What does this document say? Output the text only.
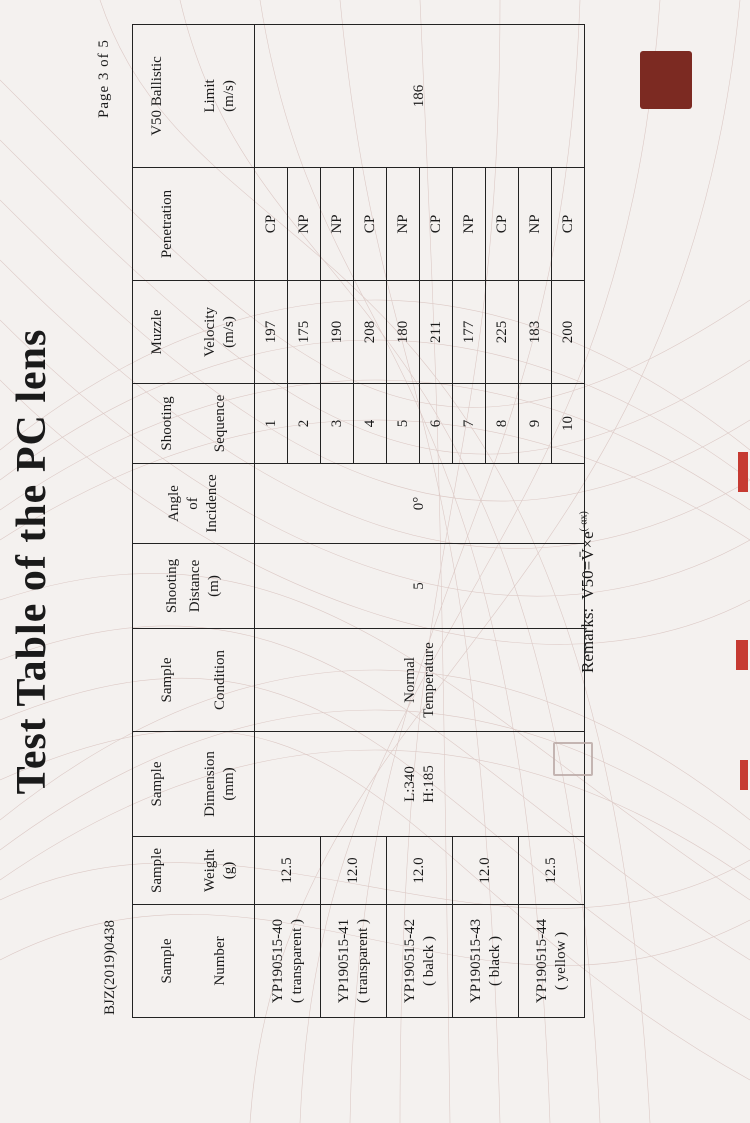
Test Table of the PC lens
BJZ(2019)0438
Page 3 of 5
Sample Number	Sample Weight (g)	Sample Dimension (mm)	Sample Condition	Shooting Distance (m)	Angle of Incidence	Shooting Sequence	Muzzle Velocity (m/s)	Penetration	V50 Ballistic Limit (m/s)

YP190515-40 ( transparent )	12.5	L:340 H:185	Normal Temperature	5	0°	1	197	CP	186
						2	175	NP	
YP190515-41 ( transparent )	12.0					3	190	NP	
						4	208	CP	
YP190515-42 ( balck )	12.0					5	180	NP	
						6	211	CP	
YP190515-43 ( black )	12.0					7	177	NP	
						8	225	CP	
YP190515-44 ( yellow )	12.5					9	183	NP	
						10	200	CP	
Remarks:  $V50=V̄\times e^{(-\alpha x)}$
